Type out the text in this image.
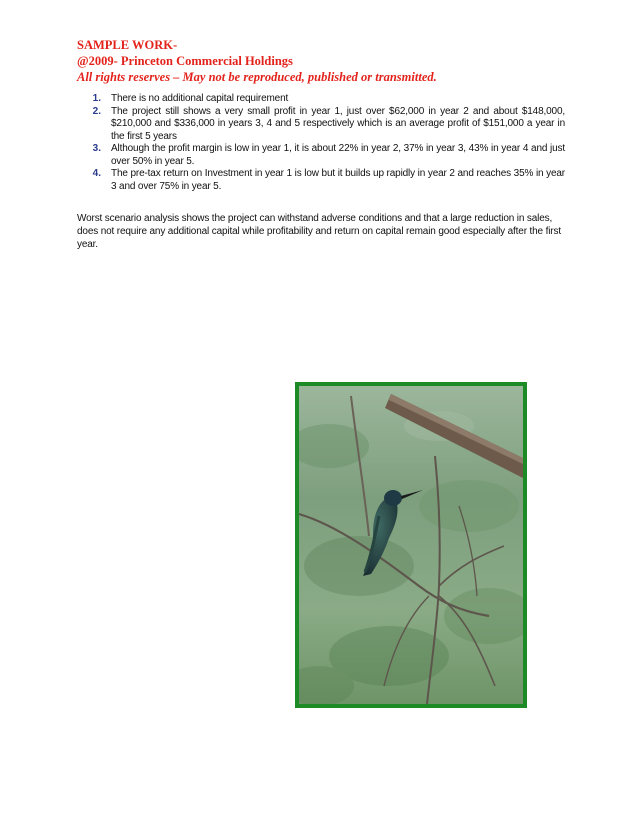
SAMPLE WORK-
@2009- Princeton Commercial Holdings
All rights reserves – May not be reproduced, published or transmitted.
1.	There is no additional capital requirement
2.	The project still shows a very small profit in year 1, just over $62,000 in year 2 and about $148,000, $210,000 and $336,000 in years 3, 4 and 5 respectively which is an average profit of $151,000 a year in the first 5 years
3.	Although the profit margin is low in year 1, it is about 22% in year 2, 37% in year 3, 43% in year 4 and just over 50% in year 5.
4.	The pre-tax return on Investment in year 1 is low but it builds up rapidly in year 2 and reaches 35% in year 3 and over 75% in year 5.

Worst scenario analysis shows the project can withstand adverse conditions and that a large reduction in sales, does not require any additional capital while profitability and return on capital remain good especially after the first year.
